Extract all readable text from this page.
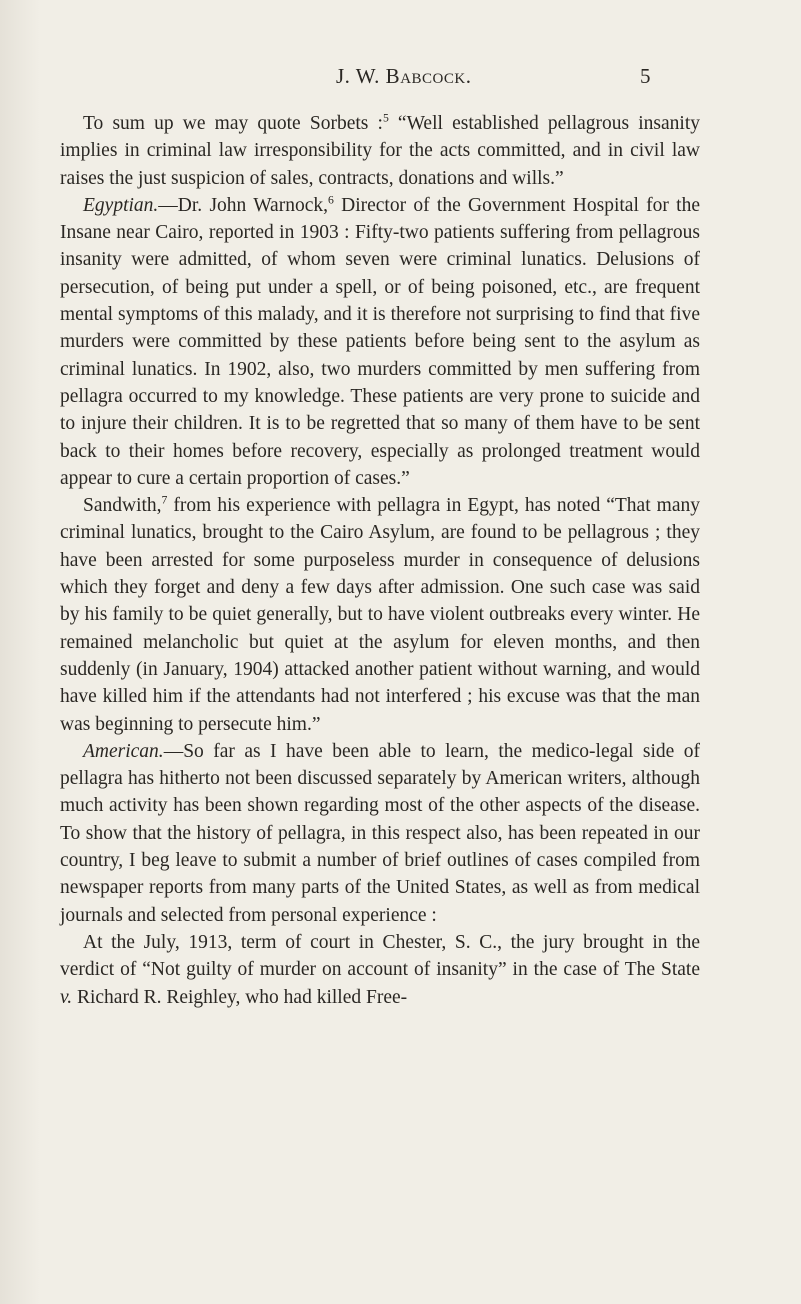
J. W. Babcock.	5

To sum up we may quote Sorbets :$^5$ “Well established pellagrous insanity implies in criminal law irresponsibility for the acts committed, and in civil law raises the just suspicion of sales, contracts, donations and wills.”

Egyptian.—Dr. John Warnock,$^6$ Director of the Government Hospital for the Insane near Cairo, reported in 1903 : Fifty-two patients suffering from pellagrous insanity were admitted, of whom seven were criminal lunatics. Delusions of persecution, of being put under a spell, or of being poisoned, etc., are frequent mental symptoms of this malady, and it is therefore not surprising to find that five murders were committed by these patients before being sent to the asylum as criminal lunatics. In 1902, also, two murders committed by men suffering from pellagra occurred to my knowledge. These patients are very prone to suicide and to injure their children. It is to be regretted that so many of them have to be sent back to their homes before recovery, especially as prolonged treatment would appear to cure a certain proportion of cases.”

Sandwith,$^7$ from his experience with pellagra in Egypt, has noted “That many criminal lunatics, brought to the Cairo Asylum, are found to be pellagrous ; they have been arrested for some purposeless murder in consequence of delusions which they forget and deny a few days after admission. One such case was said by his family to be quiet generally, but to have violent outbreaks every winter. He remained melancholic but quiet at the asylum for eleven months, and then suddenly (in January, 1904) attacked another patient without warning, and would have killed him if the attendants had not interfered ; his excuse was that the man was beginning to persecute him.”

American.—So far as I have been able to learn, the medico-legal side of pellagra has hitherto not been discussed separately by American writers, although much activity has been shown regarding most of the other aspects of the disease. To show that the history of pellagra, in this respect also, has been repeated in our country, I beg leave to submit a number of brief outlines of cases compiled from newspaper reports from many parts of the United States, as well as from medical journals and selected from personal experience :

At the July, 1913, term of court in Chester, S. C., the jury brought in the verdict of “Not guilty of murder on account of insanity” in the case of The State v. Richard R. Reighley, who had killed Free-
